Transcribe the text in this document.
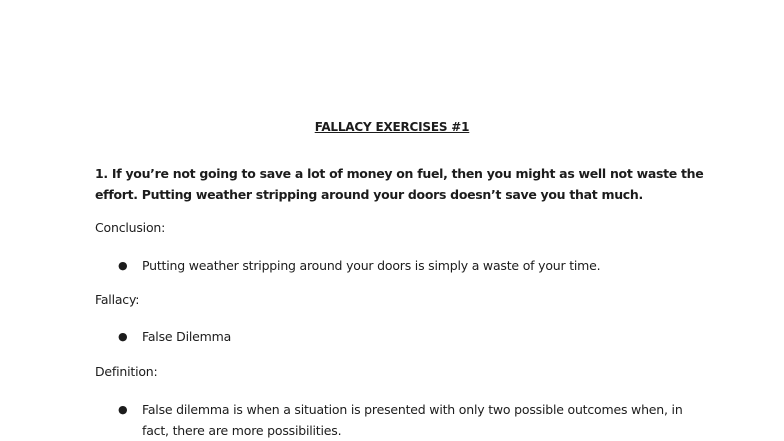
FALLACY EXERCISES #1
1. If you’re not going to save a lot of money on fuel, then you might as well not waste the effort. Putting weather stripping around your doors doesn’t save you that much.
Conclusion:
● Putting weather stripping around your doors is simply a waste of your time.
Fallacy:
● False Dilemma
Definition:
● False dilemma is when a situation is presented with only two possible outcomes when, in fact, there are more possibilities.
